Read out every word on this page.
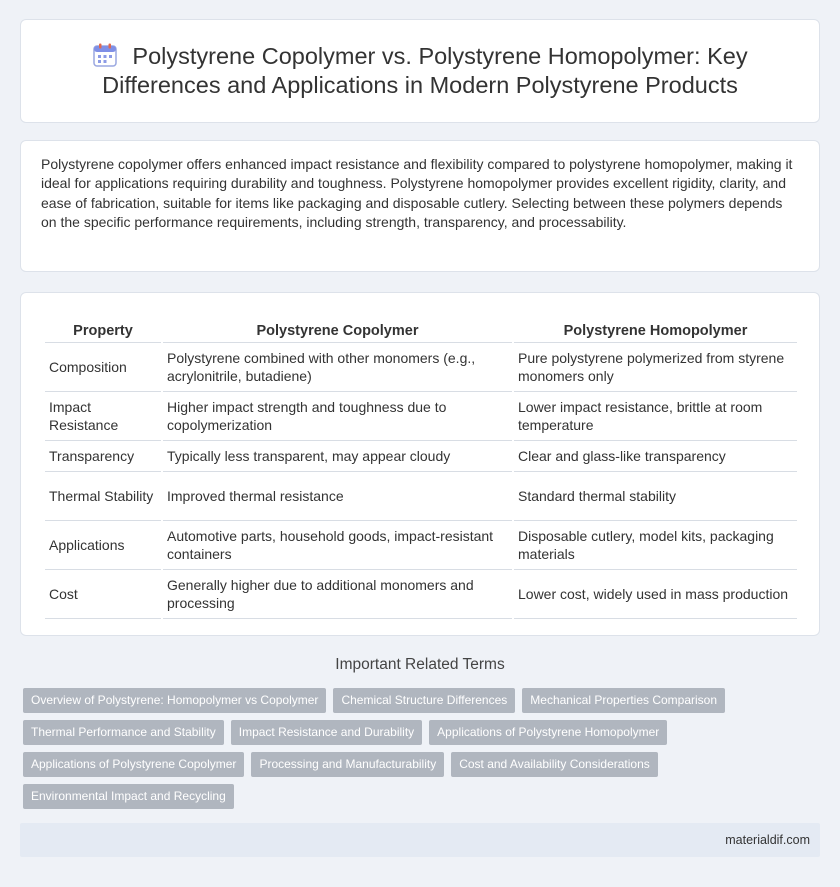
Polystyrene Copolymer vs. Polystyrene Homopolymer: Key Differences and Applications in Modern Polystyrene Products

Polystyrene copolymer offers enhanced impact resistance and flexibility compared to polystyrene homopolymer, making it ideal for applications requiring durability and toughness. Polystyrene homopolymer provides excellent rigidity, clarity, and ease of fabrication, suitable for items like packaging and disposable cutlery. Selecting between these polymers depends on the specific performance requirements, including strength, transparency, and processability.

Property	Polystyrene Copolymer	Polystyrene Homopolymer
Composition	Polystyrene combined with other monomers (e.g., acrylonitrile, butadiene)	Pure polystyrene polymerized from styrene monomers only
Impact Resistance	Higher impact strength and toughness due to copolymerization	Lower impact resistance, brittle at room temperature
Transparency	Typically less transparent, may appear cloudy	Clear and glass-like transparency
Thermal Stability	Improved thermal resistance	Standard thermal stability
Applications	Automotive parts, household goods, impact-resistant containers	Disposable cutlery, model kits, packaging materials
Cost	Generally higher due to additional monomers and processing	Lower cost, widely used in mass production
Important Related Terms
Overview of Polystyrene: Homopolymer vs Copolymer	Chemical Structure Differences	Mechanical Properties Comparison
Thermal Performance and Stability	Impact Resistance and Durability	Applications of Polystyrene Homopolymer
Applications of Polystyrene Copolymer	Processing and Manufacturability	Cost and Availability Considerations
Environmental Impact and Recycling
materialdif.com
